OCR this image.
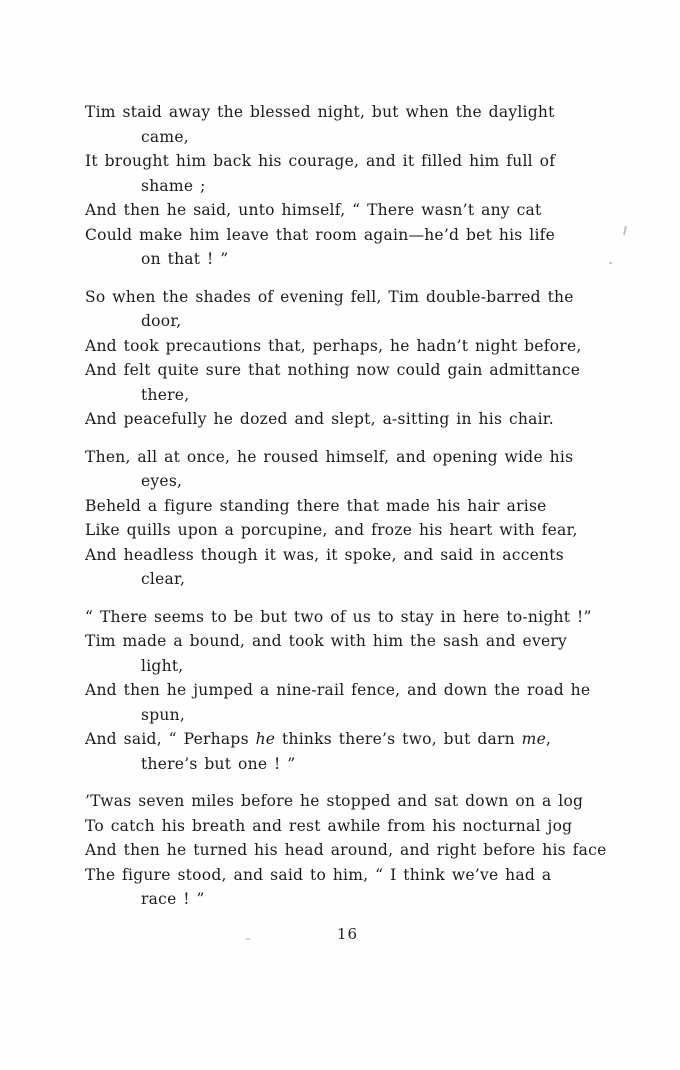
Tim staid away the blessed night, but when the daylight
came,
It brought him back his courage, and it filled him full of
shame ;
And then he said, unto himself, “ There wasn’t any cat
Could make him leave that room again—he’d bet his life
on that ! ”
So when the shades of evening fell, Tim double-barred the
door,
And took precautions that, perhaps, he hadn’t night before,
And felt quite sure that nothing now could gain admittance
there,
And peacefully he dozed and slept, a-sitting in his chair.
Then, all at once, he roused himself, and opening wide his
eyes,
Beheld a figure standing there that made his hair arise
Like quills upon a porcupine, and froze his heart with fear,
And headless though it was, it spoke, and said in accents
clear,
“ There seems to be but two of us to stay in here to-night !”
Tim made a bound, and took with him the sash and every
light,
And then he jumped a nine-rail fence, and down the road he
spun,
And said, “ Perhaps he thinks there’s two, but darn me,
there’s but one ! ”
’Twas seven miles before he stopped and sat down on a log
To catch his breath and rest awhile from his nocturnal jog
And then he turned his head around, and right before his face
The figure stood, and said to him, “ I think we’ve had a
race ! ”
16
